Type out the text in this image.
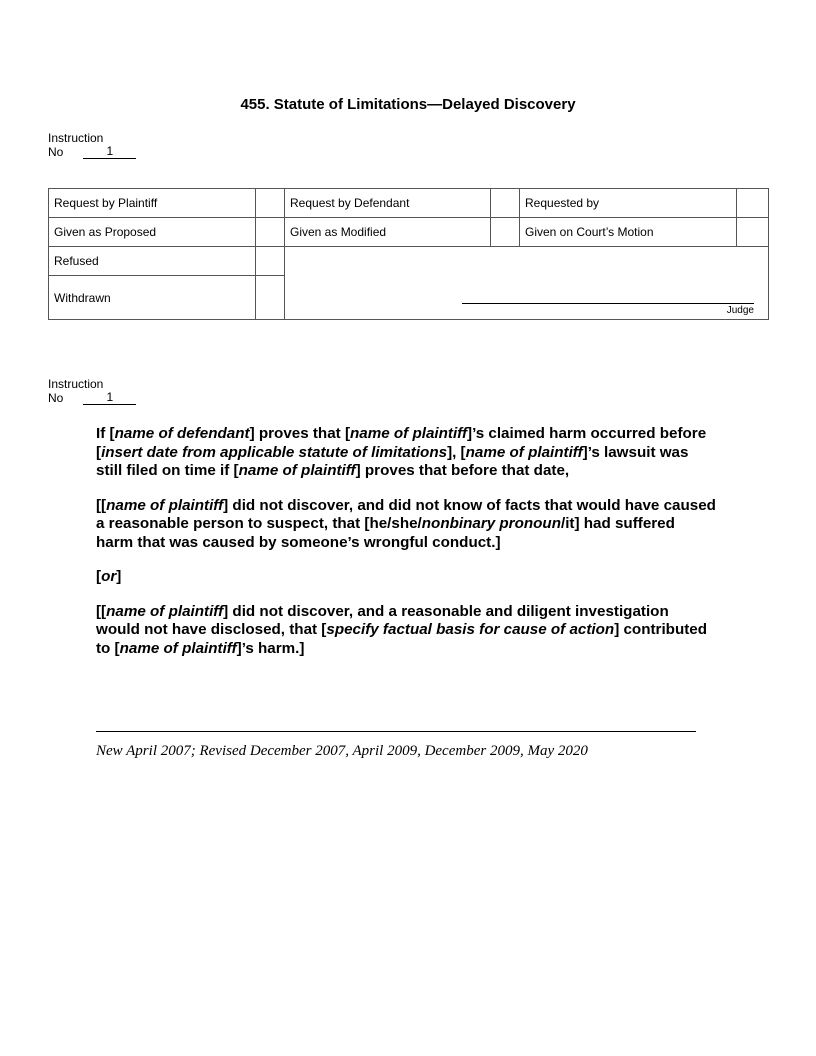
455. Statute of Limitations—Delayed Discovery
Instruction
No	1
Request by Plaintiff		Request by Defendant		Requested by	
Given as Proposed		Given as Modified		Given on Court’s Motion	
Refused		Judge			

Withdrawn					
Instruction
No	1

If [name of defendant] proves that [name of plaintiff]’s claimed harm occurred before [insert date from applicable statute of limitations], [name of plaintiff]’s lawsuit was still filed on time if [name of plaintiff] proves that before that date,

[[name of plaintiff] did not discover, and did not know of facts that would have caused a reasonable person to suspect, that [he/she/nonbinary pronoun/it] had suffered harm that was caused by someone’s wrongful conduct.]

[or]

[[name of plaintiff] did not discover, and a reasonable and diligent investigation would not have disclosed, that [specify factual basis for cause of action] contributed to [name of plaintiff]’s harm.]

New April 2007; Revised December 2007, April 2009, December 2009, May 2020
